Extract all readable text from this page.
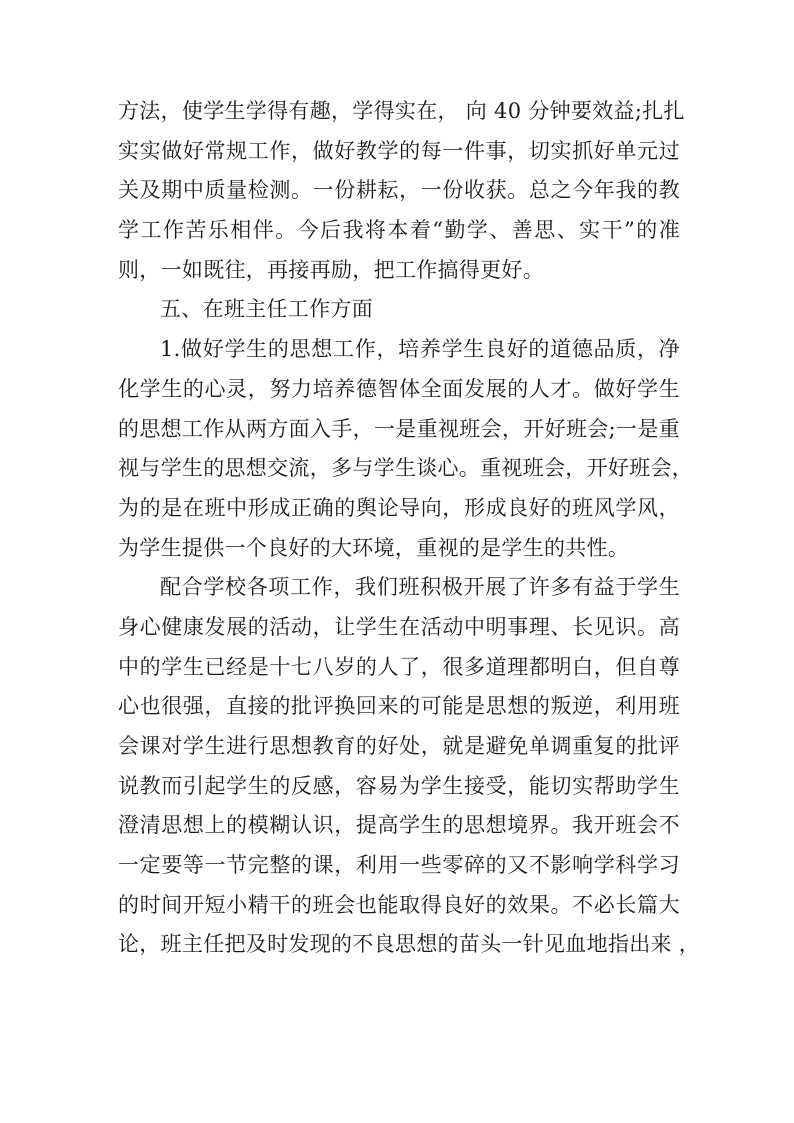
方法，使学生学得有趣，学得实在， 向 40 分钟要效益;扎扎
实实做好常规工作，做好教学的每一件事，切实抓好单元过
关及期中质量检测。一份耕耘，一份收获。总之今年我的教
学工作苦乐相伴。今后我将本着“勤学、善思、实干”的准
则，一如既往，再接再励，把工作搞得更好。
五、在班主任工作方面
1.做好学生的思想工作，培养学生良好的道德品质，净
化学生的心灵，努力培养德智体全面发展的人才。做好学生
的思想工作从两方面入手，一是重视班会，开好班会;一是重
视与学生的思想交流，多与学生谈心。重视班会，开好班会，
为的是在班中形成正确的舆论导向，形成良好的班风学风，
为学生提供一个良好的大环境，重视的是学生的共性。
配合学校各项工作，我们班积极开展了许多有益于学生
身心健康发展的活动，让学生在活动中明事理、长见识。高
中的学生已经是十七八岁的人了，很多道理都明白，但自尊
心也很强，直接的批评换回来的可能是思想的叛逆，利用班
会课对学生进行思想教育的好处，就是避免单调重复的批评
说教而引起学生的反感，容易为学生接受，能切实帮助学生
澄清思想上的模糊认识，提高学生的思想境界。我开班会不
一定要等一节完整的课，利用一些零碎的又不影响学科学习
的时间开短小精干的班会也能取得良好的效果。不必长篇大
论，班主任把及时发现的不良思想的苗头一针见血地指出来 ，
